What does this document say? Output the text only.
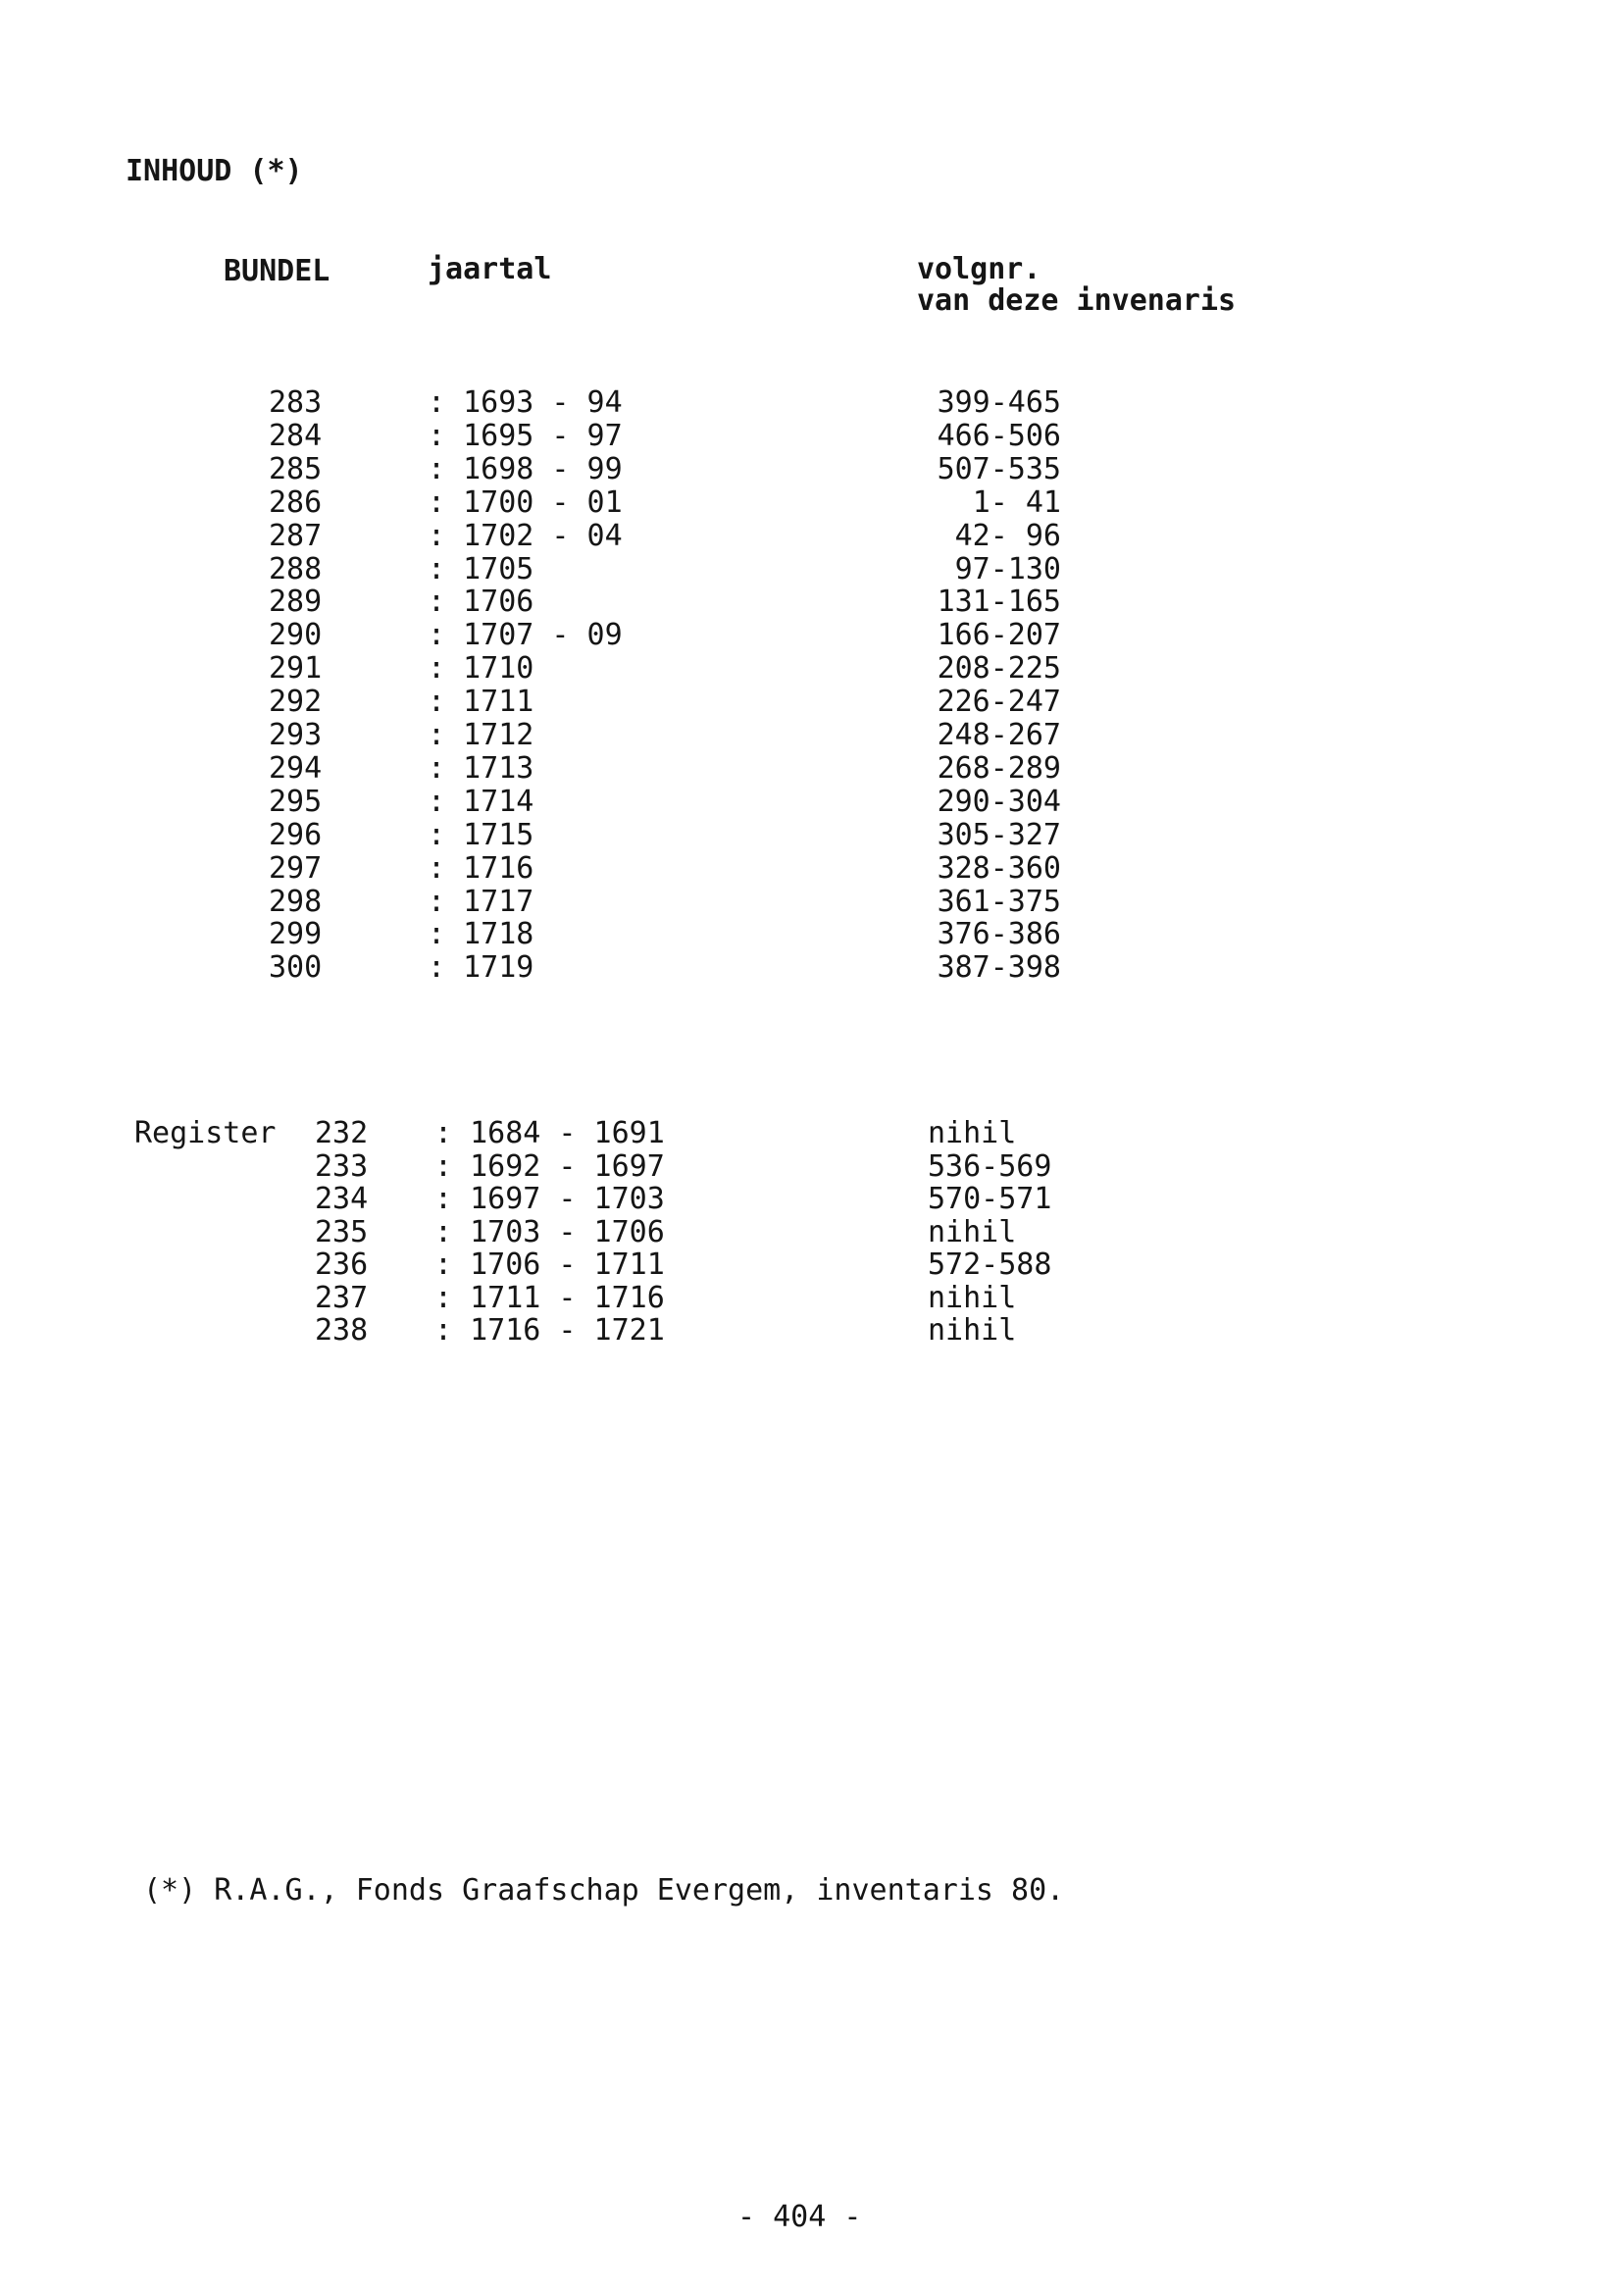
INHOUD (*)
BUNDEL	jaartal	volgnr.
van deze invenaris
283	: 1693 - 94	399-465
284	: 1695 - 97	466-506
285	: 1698 - 99	507-535
286	: 1700 - 01	1- 41
287	: 1702 - 04	42- 96
288	: 1705	97-130
289	: 1706	131-165
290	: 1707 - 09	166-207
291	: 1710	208-225
292	: 1711	226-247
293	: 1712	248-267
294	: 1713	268-289
295	: 1714	290-304
296	: 1715	305-327
297	: 1716	328-360
298	: 1717	361-375
299	: 1718	376-386
300	: 1719	387-398
Register 232 : 1684 - 1691	nihil
233 : 1692 - 1697	536-569
234 : 1697 - 1703	570-571
235 : 1703 - 1706	nihil
236 : 1706 - 1711	572-588
237 : 1711 - 1716	nihil
238 : 1716 - 1721	nihil
(*) R.A.G., Fonds Graafschap Evergem, inventaris 80.
- 404 -
